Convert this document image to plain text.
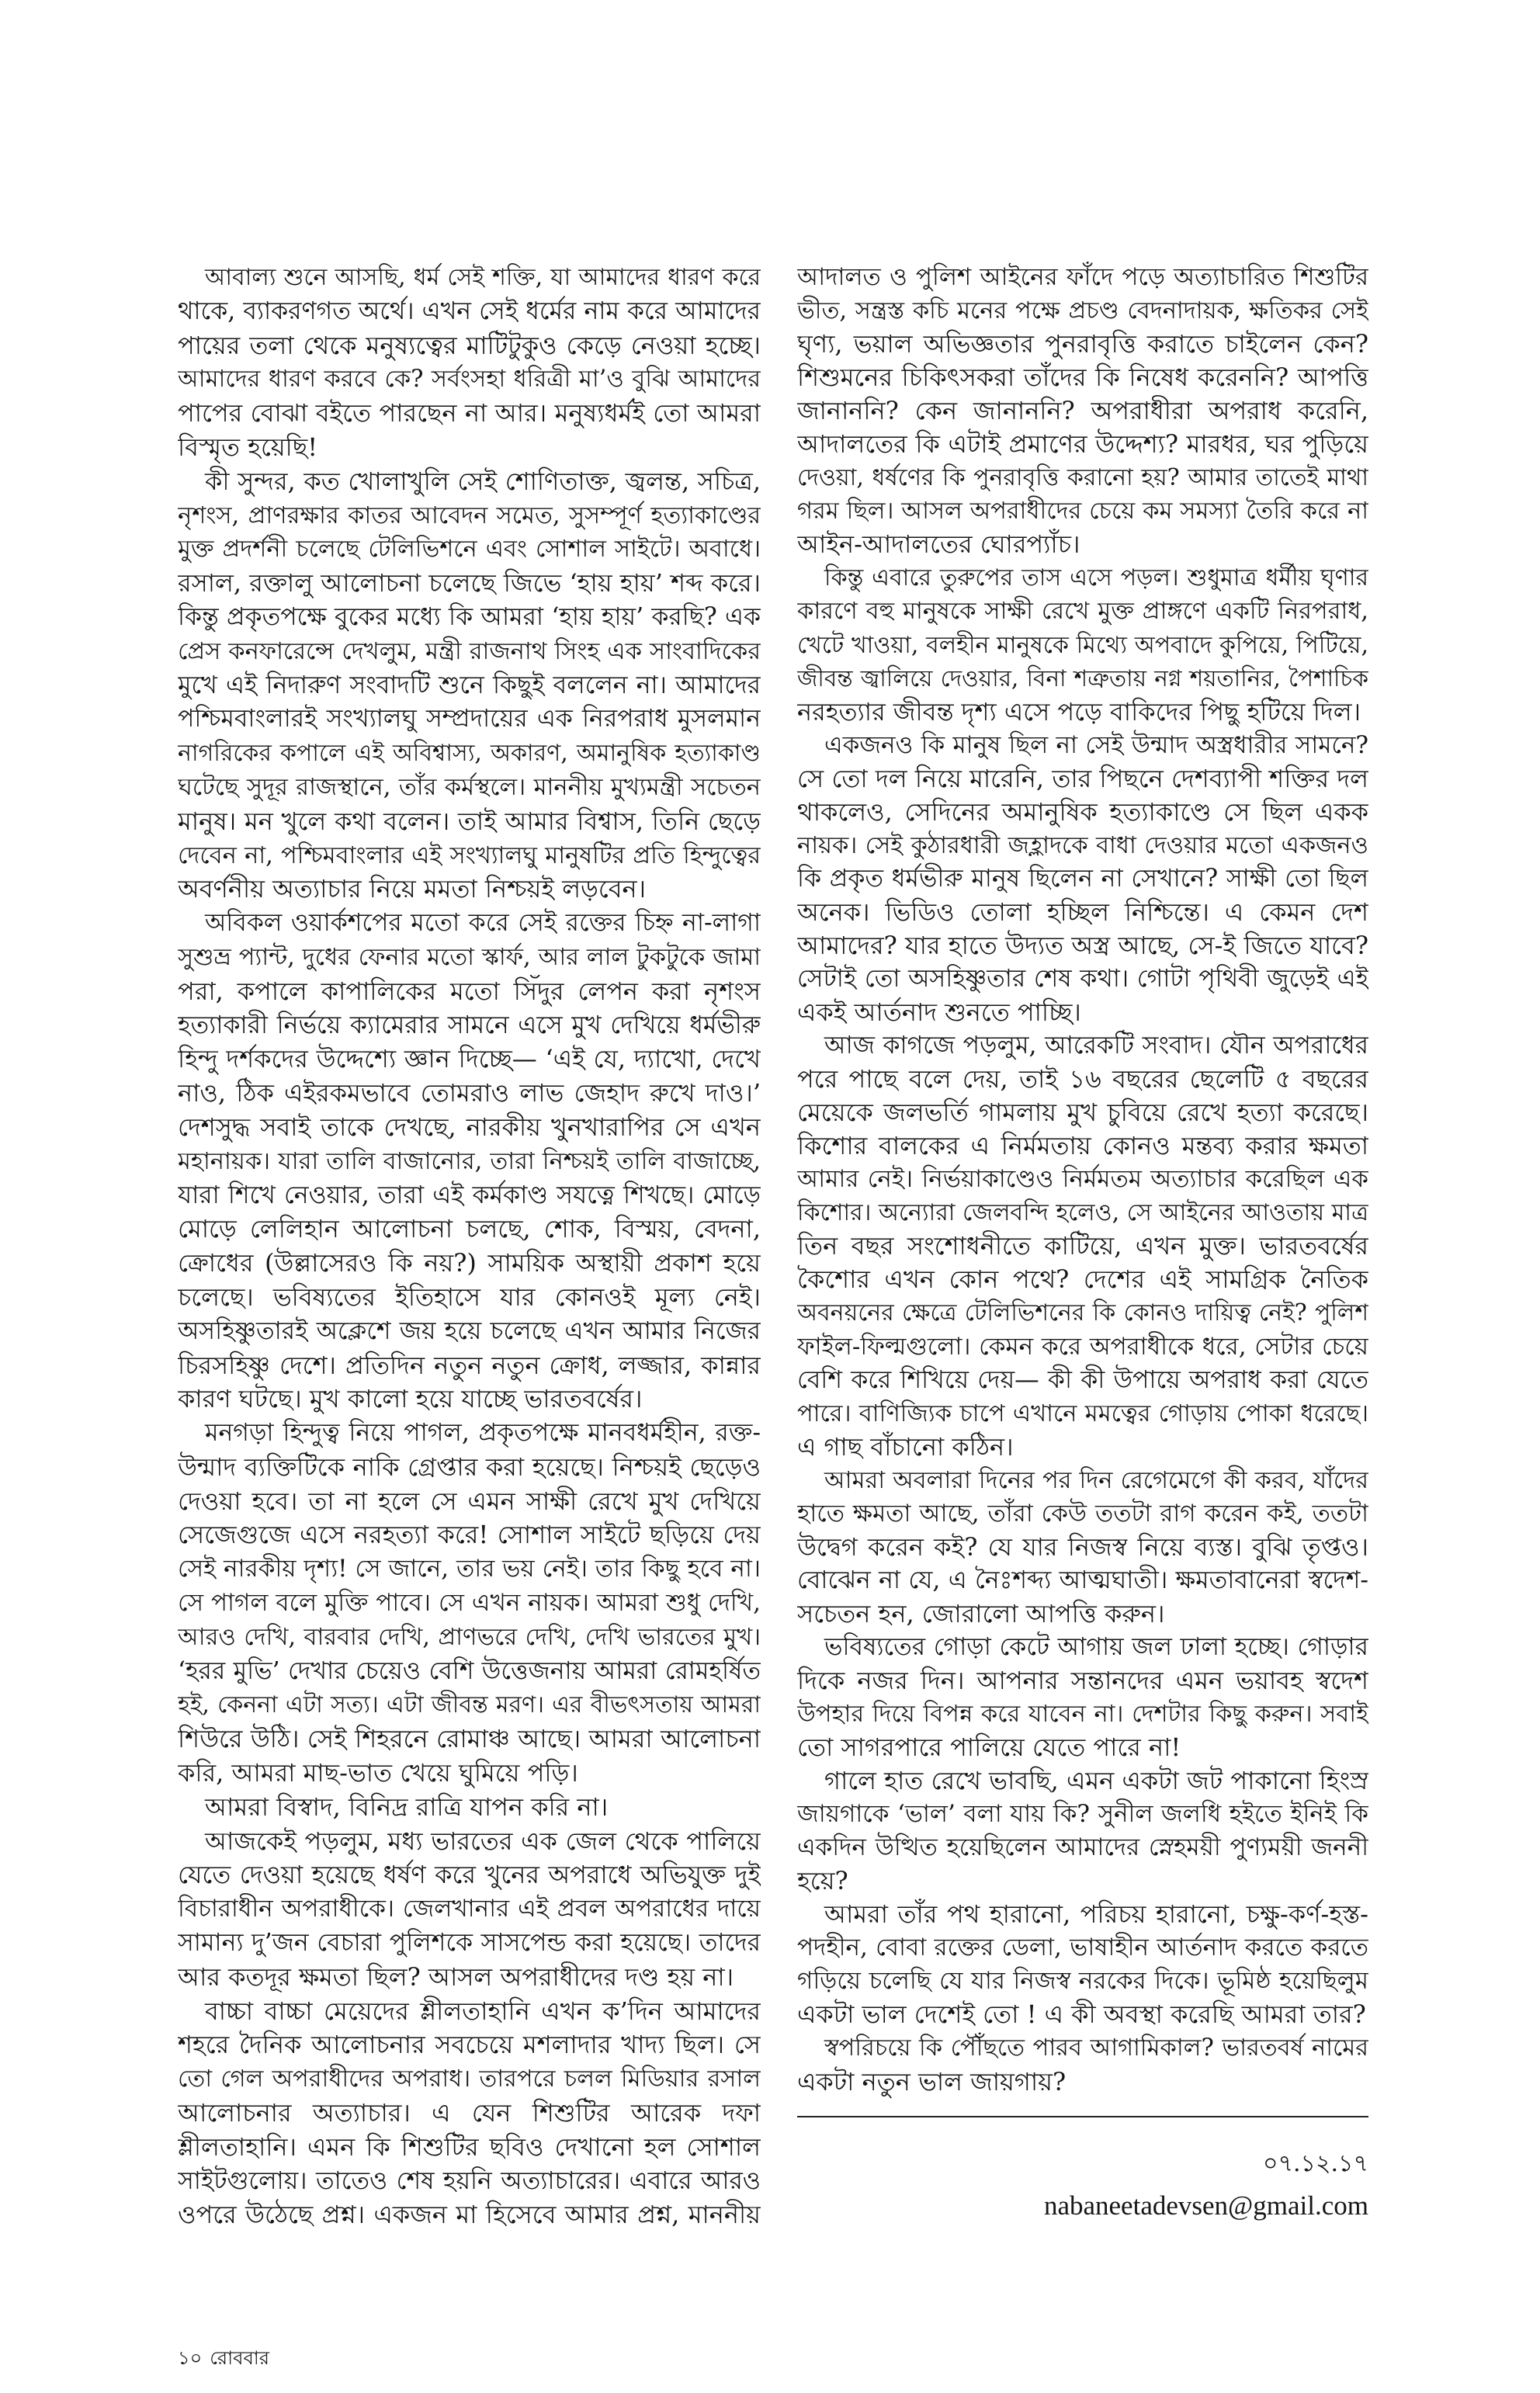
আবাল্য শুনে আসছি, ধর্ম সেই শক্তি, যা আমাদের ধারণ করে
থাকে, ব্যাকরণগত অর্থে। এখন সেই ধর্মের নাম করে আমাদের
পায়ের তলা থেকে মনুষ্যত্বের মাটিটুকুও কেড়ে নেওয়া হচ্ছে।
আমাদের ধারণ করবে কে? সর্বংসহা ধরিত্রী মা’ও বুঝি আমাদের
পাপের বোঝা বইতে পারছেন না আর। মনুষ্যধর্মই তো আমরা
বিস্মৃত হয়েছি!
কী সুন্দর, কত খোলাখুলি সেই শোণিতাক্ত, জ্বলন্ত, সচিত্র,
নৃশংস, প্রাণরক্ষার কাতর আবেদন সমেত, সুসম্পূর্ণ হত্যাকাণ্ডের
মুক্ত প্রদর্শনী চলেছে টেলিভিশনে এবং সোশাল সাইটে। অবাধে।
রসাল, রক্তালু আলোচনা চলেছে জিভে ‘হায় হায়’ শব্দ করে।
কিন্তু প্রকৃতপক্ষে বুকের মধ্যে কি আমরা ‘হায় হায়’ করছি? এক
প্রেস কনফারেন্সে দেখলুম, মন্ত্রী রাজনাথ সিংহ এক সাংবাদিকের
মুখে এই নিদারুণ সংবাদটি শুনে কিছুই বললেন না। আমাদের
পশ্চিমবাংলারই সংখ্যালঘু সম্প্রদায়ের এক নিরপরাধ মুসলমান
নাগরিকের কপালে এই অবিশ্বাস্য, অকারণ, অমানুষিক হত্যাকাণ্ড
ঘটেছে সুদূর রাজস্থানে, তাঁর কর্মস্থলে। মাননীয় মুখ্যমন্ত্রী সচেতন
মানুষ। মন খুলে কথা বলেন। তাই আমার বিশ্বাস, তিনি ছেড়ে
দেবেন না, পশ্চিমবাংলার এই সংখ্যালঘু মানুষটির প্রতি হিন্দুত্বের
অবর্ণনীয় অত্যাচার নিয়ে মমতা নিশ্চয়ই লড়বেন।
অবিকল ওয়ার্কশপের মতো করে সেই রক্তের চিহ্ন না-লাগা
সুশুভ্র প্যান্ট, দুধের ফেনার মতো স্কার্ফ, আর লাল টুকটুকে জামা
পরা, কপালে কাপালিকের মতো সিঁদুর লেপন করা নৃশংস
হত্যাকারী নির্ভয়ে ক্যামেরার সামনে এসে মুখ দেখিয়ে ধর্মভীরু
হিন্দু দর্শকদের উদ্দেশ্যে জ্ঞান দিচ্ছে— ‘এই যে, দ্যাখো, দেখে
নাও, ঠিক এইরকমভাবে তোমরাও লাভ জেহাদ রুখে দাও।’
দেশসুদ্ধ সবাই তাকে দেখছে, নারকীয় খুনখারাপির সে এখন
মহানায়ক। যারা তালি বাজানোর, তারা নিশ্চয়ই তালি বাজাচ্ছে,
যারা শিখে নেওয়ার, তারা এই কর্মকাণ্ড সযত্নে শিখছে। মোড়ে
মোড়ে লেলিহান আলোচনা চলছে, শোক, বিস্ময়, বেদনা,
ক্রোধের (উল্লাসেরও কি নয়?) সাময়িক অস্থায়ী প্রকাশ হয়ে
চলেছে। ভবিষ্যতের ইতিহাসে যার কোনওই মূল্য নেই।
অসহিষ্ণুতারই অক্লেশে জয় হয়ে চলেছে এখন আমার নিজের
চিরসহিষ্ণু দেশে। প্রতিদিন নতুন নতুন ক্রোধ, লজ্জার, কান্নার
কারণ ঘটছে। মুখ কালো হয়ে যাচ্ছে ভারতবর্ষের।
মনগড়া হিন্দুত্ব নিয়ে পাগল, প্রকৃতপক্ষে মানবধর্মহীন, রক্ত-
উন্মাদ ব্যক্তিটিকে নাকি গ্রেপ্তার করা হয়েছে। নিশ্চয়ই ছেড়েও
দেওয়া হবে। তা না হলে সে এমন সাক্ষী রেখে মুখ দেখিয়ে
সেজেগুজে এসে নরহত্যা করে! সোশাল সাইটে ছড়িয়ে দেয়
সেই নারকীয় দৃশ্য! সে জানে, তার ভয় নেই। তার কিছু হবে না।
সে পাগল বলে মুক্তি পাবে। সে এখন নায়ক। আমরা শুধু দেখি,
আরও দেখি, বারবার দেখি, প্রাণভরে দেখি, দেখি ভারতের মুখ।
‘হরর মুভি’ দেখার চেয়েও বেশি উত্তেজনায় আমরা রোমহর্ষিত
হই, কেননা এটা সত্য। এটা জীবন্ত মরণ। এর বীভৎসতায় আমরা
শিউরে উঠি। সেই শিহরনে রোমাঞ্চ আছে। আমরা আলোচনা
করি, আমরা মাছ-ভাত খেয়ে ঘুমিয়ে পড়ি।
আমরা বিস্বাদ, বিনিদ্র রাত্রি যাপন করি না।
আজকেই পড়লুম, মধ্য ভারতের এক জেল থেকে পালিয়ে
যেতে দেওয়া হয়েছে ধর্ষণ করে খুনের অপরাধে অভিযুক্ত দুই
বিচারাধীন অপরাধীকে। জেলখানার এই প্রবল অপরাধের দায়ে
সামান্য দু’জন বেচারা পুলিশকে সাসপেন্ড করা হয়েছে। তাদের
আর কতদূর ক্ষমতা ছিল? আসল অপরাধীদের দণ্ড হয় না।
বাচ্চা বাচ্চা মেয়েদের শ্লীলতাহানি এখন ক’দিন আমাদের
শহরে দৈনিক আলোচনার সবচেয়ে মশলাদার খাদ্য ছিল। সে
তো গেল অপরাধীদের অপরাধ। তারপরে চলল মিডিয়ার রসাল
আলোচনার অত্যাচার। এ যেন শিশুটির আরেক দফা
শ্লীলতাহানি। এমন কি শিশুটির ছবিও দেখানো হল সোশাল
সাইটগুলোয়। তাতেও শেষ হয়নি অত্যাচারের। এবারে আরও
ওপরে উঠেছে প্রশ্ন। একজন মা হিসেবে আমার প্রশ্ন, মাননীয়
আদালত ও পুলিশ আইনের ফাঁদে পড়ে অত্যাচারিত শিশুটির
ভীত, সন্ত্রস্ত কচি মনের পক্ষে প্রচণ্ড বেদনাদায়ক, ক্ষতিকর সেই
ঘৃণ্য, ভয়াল অভিজ্ঞতার পুনরাবৃত্তি করাতে চাইলেন কেন?
শিশুমনের চিকিৎসকরা তাঁদের কি নিষেধ করেননি? আপত্তি
জানাননি? কেন জানাননি? অপরাধীরা অপরাধ করেনি,
আদালতের কি এটাই প্রমাণের উদ্দেশ্য? মারধর, ঘর পুড়িয়ে
দেওয়া, ধর্ষণের কি পুনরাবৃত্তি করানো হয়? আমার তাতেই মাথা
গরম ছিল। আসল অপরাধীদের চেয়ে কম সমস্যা তৈরি করে না
আইন-আদালতের ঘোরপ্যাঁচ।
কিন্তু এবারে তুরুপের তাস এসে পড়ল। শুধুমাত্র ধর্মীয় ঘৃণার
কারণে বহু মানুষকে সাক্ষী রেখে মুক্ত প্রাঙ্গণে একটি নিরপরাধ,
খেটে খাওয়া, বলহীন মানুষকে মিথ্যে অপবাদে কুপিয়ে, পিটিয়ে,
জীবন্ত জ্বালিয়ে দেওয়ার, বিনা শত্রুতায় নগ্ন শয়তানির, পৈশাচিক
নরহত্যার জীবন্ত দৃশ্য এসে পড়ে বাকিদের পিছু হটিয়ে দিল।
একজনও কি মানুষ ছিল না সেই উন্মাদ অস্ত্রধারীর সামনে?
সে তো দল নিয়ে মারেনি, তার পিছনে দেশব্যাপী শক্তির দল
থাকলেও, সেদিনের অমানুষিক হত্যাকাণ্ডে সে ছিল একক
নায়ক। সেই কুঠারধারী জহ্লাদকে বাধা দেওয়ার মতো একজনও
কি প্রকৃত ধর্মভীরু মানুষ ছিলেন না সেখানে? সাক্ষী তো ছিল
অনেক। ভিডিও তোলা হচ্ছিল নিশ্চিন্তে। এ কেমন দেশ
আমাদের? যার হাতে উদ্যত অস্ত্র আছে, সে-ই জিতে যাবে?
সেটাই তো অসহিষ্ণুতার শেষ কথা। গোটা পৃথিবী জুড়েই এই
একই আর্তনাদ শুনতে পাচ্ছি।
আজ কাগজে পড়লুম, আরেকটি সংবাদ। যৌন অপরাধের
পরে পাছে বলে দেয়, তাই ১৬ বছরের ছেলেটি ৫ বছরের
মেয়েকে জলভর্তি গামলায় মুখ চুবিয়ে রেখে হত্যা করেছে।
কিশোর বালকের এ নির্মমতায় কোনও মন্তব্য করার ক্ষমতা
আমার নেই। নির্ভয়াকাণ্ডেও নির্মমতম অত্যাচার করেছিল এক
কিশোর। অন্যোরা জেলবন্দি হলেও, সে আইনের আওতায় মাত্র
তিন বছর সংশোধনীতে কাটিয়ে, এখন মুক্ত। ভারতবর্ষের
কৈশোর এখন কোন পথে? দেশের এই সামগ্রিক নৈতিক
অবনয়নের ক্ষেত্রে টেলিভিশনের কি কোনও দায়িত্ব নেই? পুলিশ
ফাইল-ফিল্মগুলো। কেমন করে অপরাধীকে ধরে, সেটার চেয়ে
বেশি করে শিখিয়ে দেয়— কী কী উপায়ে অপরাধ করা যেতে
পারে। বাণিজ্যিক চাপে এখানে মমত্বের গোড়ায় পোকা ধরেছে।
এ গাছ বাঁচানো কঠিন।
আমরা অবলারা দিনের পর দিন রেগেমেগে কী করব, যাঁদের
হাতে ক্ষমতা আছে, তাঁরা কেউ ততটা রাগ করেন কই, ততটা
উদ্বেগ করেন কই? যে যার নিজস্ব নিয়ে ব্যস্ত। বুঝি তৃপ্তও।
বোঝেন না যে, এ নৈঃশব্দ্য আত্মঘাতী। ক্ষমতাবানেরা স্বদেশ-
সচেতন হন, জোরালো আপত্তি করুন।
ভবিষ্যতের গোড়া কেটে আগায় জল ঢালা হচ্ছে। গোড়ার
দিকে নজর দিন। আপনার সন্তানদের এমন ভয়াবহ স্বদেশ
উপহার দিয়ে বিপন্ন করে যাবেন না। দেশটার কিছু করুন। সবাই
তো সাগরপারে পালিয়ে যেতে পারে না!
গালে হাত রেখে ভাবছি, এমন একটা জট পাকানো হিংস্র
জায়গাকে ‘ভাল’ বলা যায় কি? সুনীল জলধি হইতে ইনিই কি
একদিন উত্থিত হয়েছিলেন আমাদের স্নেহময়ী পুণ্যময়ী জননী
হয়ে?
আমরা তাঁর পথ হারানো, পরিচয় হারানো, চক্ষু-কর্ণ-হস্ত-
পদহীন, বোবা রক্তের ডেলা, ভাষাহীন আর্তনাদ করতে করতে
গড়িয়ে চলেছি যে যার নিজস্ব নরকের দিকে। ভূমিষ্ঠ হয়েছিলুম
একটা ভাল দেশেই তো ! এ কী অবস্থা করেছি আমরা তার?
স্বপরিচয়ে কি পৌঁছতে পারব আগামিকাল? ভারতবর্ষ নামের
একটা নতুন ভাল জায়গায়?
০৭.১২.১৭
nabaneetadevsen@gmail.com
১০ রোববার
